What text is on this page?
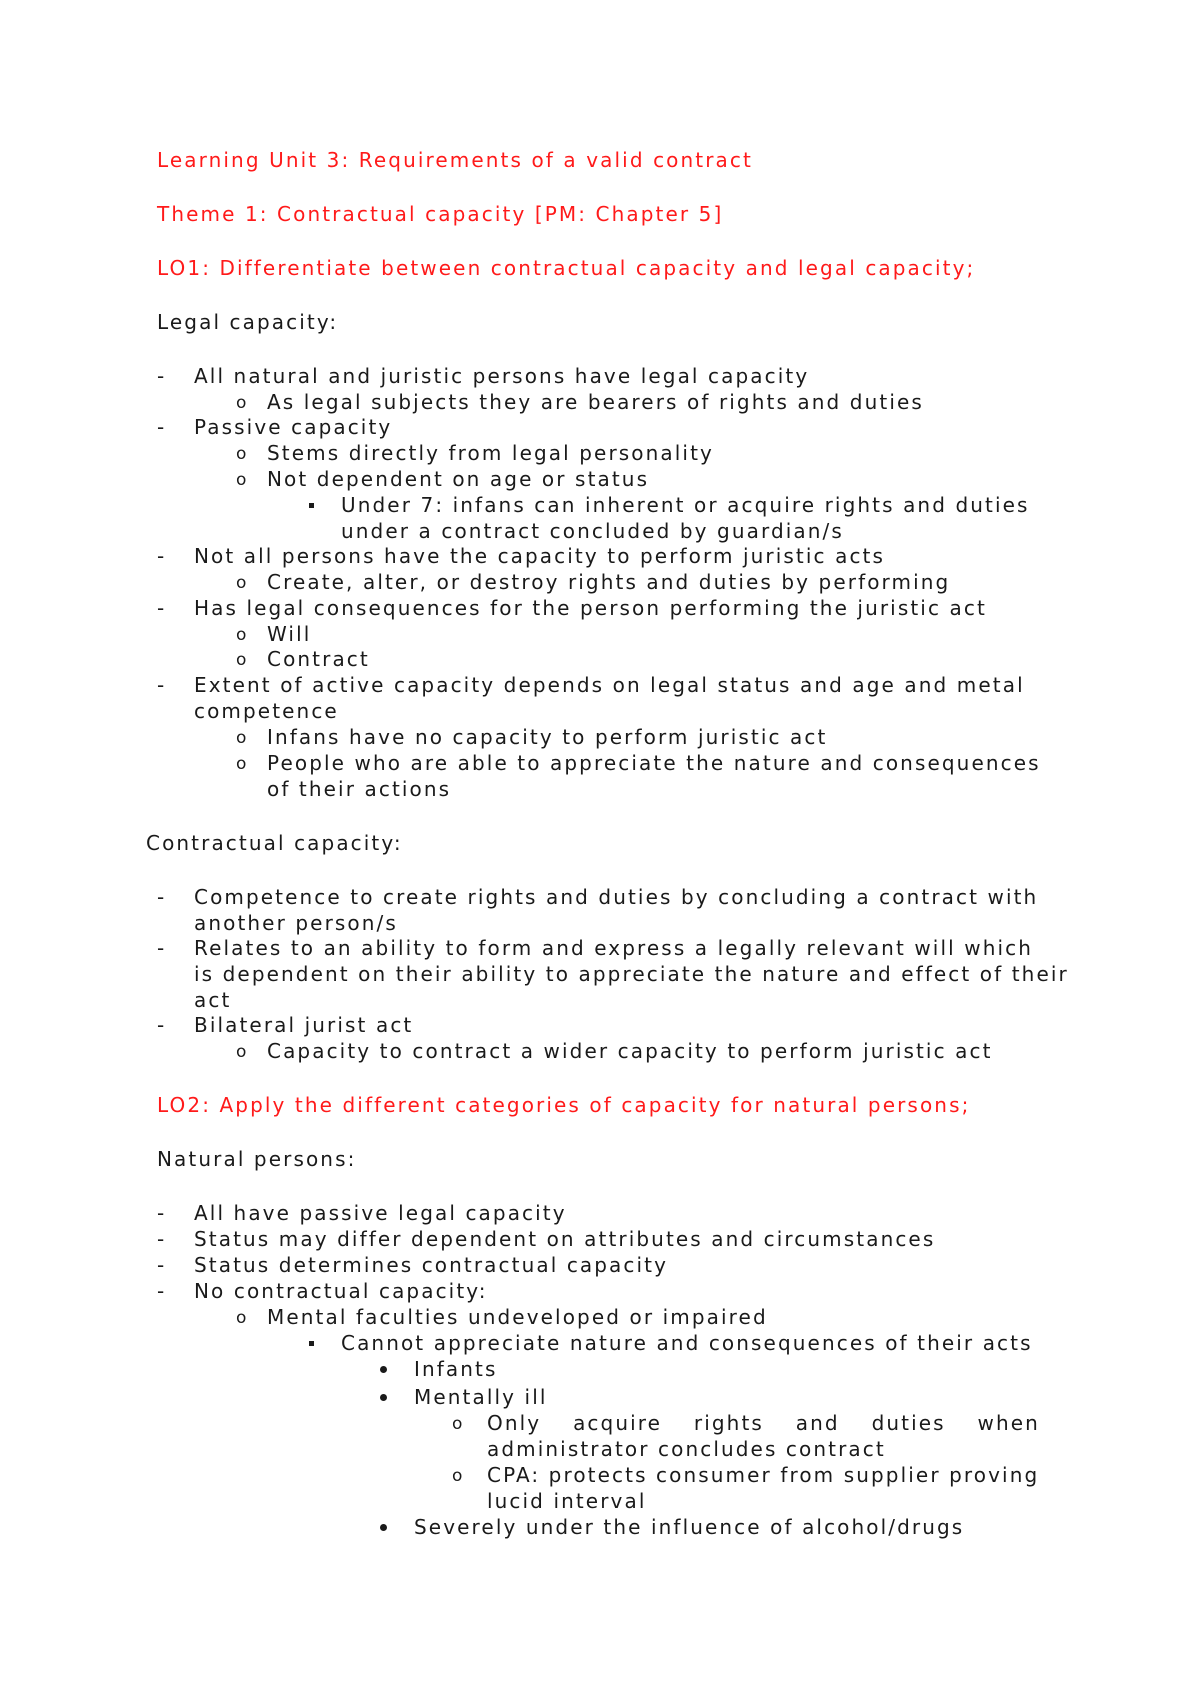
Learning Unit 3: Requirements of a valid contract

Theme 1: Contractual capacity [PM: Chapter 5]

LO1: Differentiate between contractual capacity and legal capacity;

Legal capacity:

- All natural and juristic persons have legal capacity

o As legal subjects they are bearers of rights and duties

- Passive capacity

o Stems directly from legal personality

o Not dependent on age or status

Under 7: infans can inherent or acquire rights and duties

under a contract concluded by guardian/s

- Not all persons have the capacity to perform juristic acts

o Create, alter, or destroy rights and duties by performing

- Has legal consequences for the person performing the juristic act

o Will

o Contract

- Extent of active capacity depends on legal status and age and metal

competence

o Infans have no capacity to perform juristic act

o People who are able to appreciate the nature and consequences

of their actions

Contractual capacity:

- Competence to create rights and duties by concluding a contract with

another person/s

- Relates to an ability to form and express a legally relevant will which

is dependent on their ability to appreciate the nature and effect of their

act

- Bilateral jurist act

o Capacity to contract a wider capacity to perform juristic act

LO2: Apply the different categories of capacity for natural persons;

Natural persons:

- All have passive legal capacity

- Status may differ dependent on attributes and circumstances

- Status determines contractual capacity

- No contractual capacity:

o Mental faculties undeveloped or impaired

Cannot appreciate nature and consequences of their acts

Infants

Mentally ill

o Only acquire rights and duties when

administrator concludes contract

o CPA: protects consumer from supplier proving

lucid interval

Severely under the influence of alcohol/drugs
